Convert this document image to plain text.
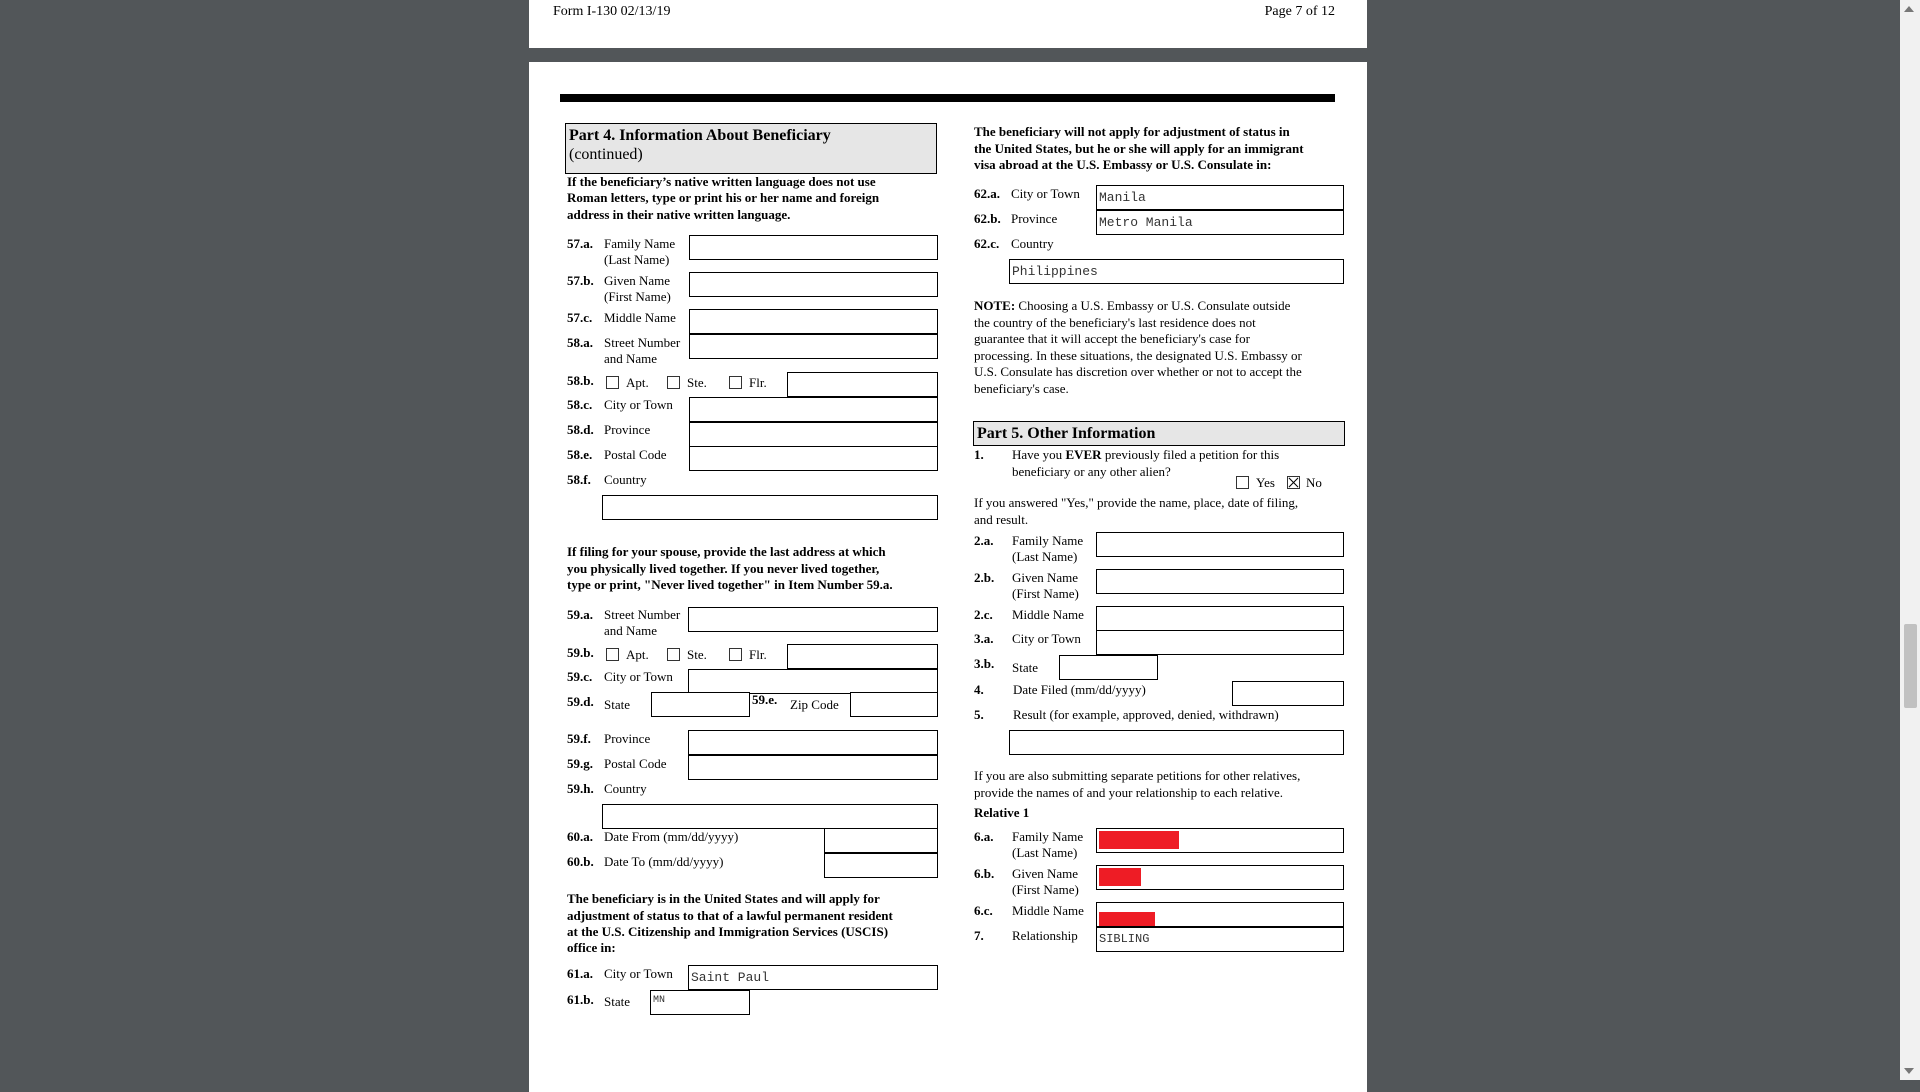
Form I-130 02/13/19	Page 7 of 12
Part 4. Information About Beneficiary
(continued)
If the beneficiary’s native written language does not use
Roman letters, type or print his or her name and foreign
address in their native written language.
57.a. Family Name
(Last Name)
57.b. Given Name
(First Name)
57.c. Middle Name
58.a. Street Number
and Name
58.b. Apt.	Ste.	Flr.
58.c. City or Town
58.d. Province
58.e. Postal Code
58.f. Country
If filing for your spouse, provide the last address at which
you physically lived together. If you never lived together,
type or print, "Never lived together" in Item Number 59.a.
59.a. Street Number
and Name
59.b. Apt.	Ste.	Flr.
59.c. City or Town
59.d. State	59.e. Zip Code
59.f. Province
59.g. Postal Code
59.h. Country
60.a. Date From (mm/dd/yyyy)
60.b. Date To (mm/dd/yyyy)
The beneficiary is in the United States and will apply for
adjustment of status to that of a lawful permanent resident
at the U.S. Citizenship and Immigration Services (USCIS)
office in:
61.a. City or Town Saint Paul
61.b. State	MN
The beneficiary will not apply for adjustment of status in
the United States, but he or she will apply for an immigrant
visa abroad at the U.S. Embassy or U.S. Consulate in:
62.a. City or Town Manila
62.b. Province	Metro Manila
62.c. Country
Philippines
NOTE: Choosing a U.S. Embassy or U.S. Consulate outside
the country of the beneficiary's last residence does not
guarantee that it will accept the beneficiary's case for
processing. In these situations, the designated U.S. Embassy or
U.S. Consulate has discretion over whether or not to accept the
beneficiary's case.
Part 5. Other Information
1. Have you EVER previously filed a petition for this
beneficiary or any other alien?
Yes No
If you answered "Yes," provide the name, place, date of filing,
and result.
2.a. Family Name
(Last Name)
2.b. Given Name
(First Name)
2.c. Middle Name
3.a. City or Town
3.b. State
4. Date Filed (mm/dd/yyyy)
5. Result (for example, approved, denied, withdrawn)
If you are also submitting separate petitions for other relatives,
provide the names of and your relationship to each relative.
Relative 1
6.a. Family Name
(Last Name)
6.b. Given Name
(First Name)
6.c. Middle Name
7. Relationship SIBLING
